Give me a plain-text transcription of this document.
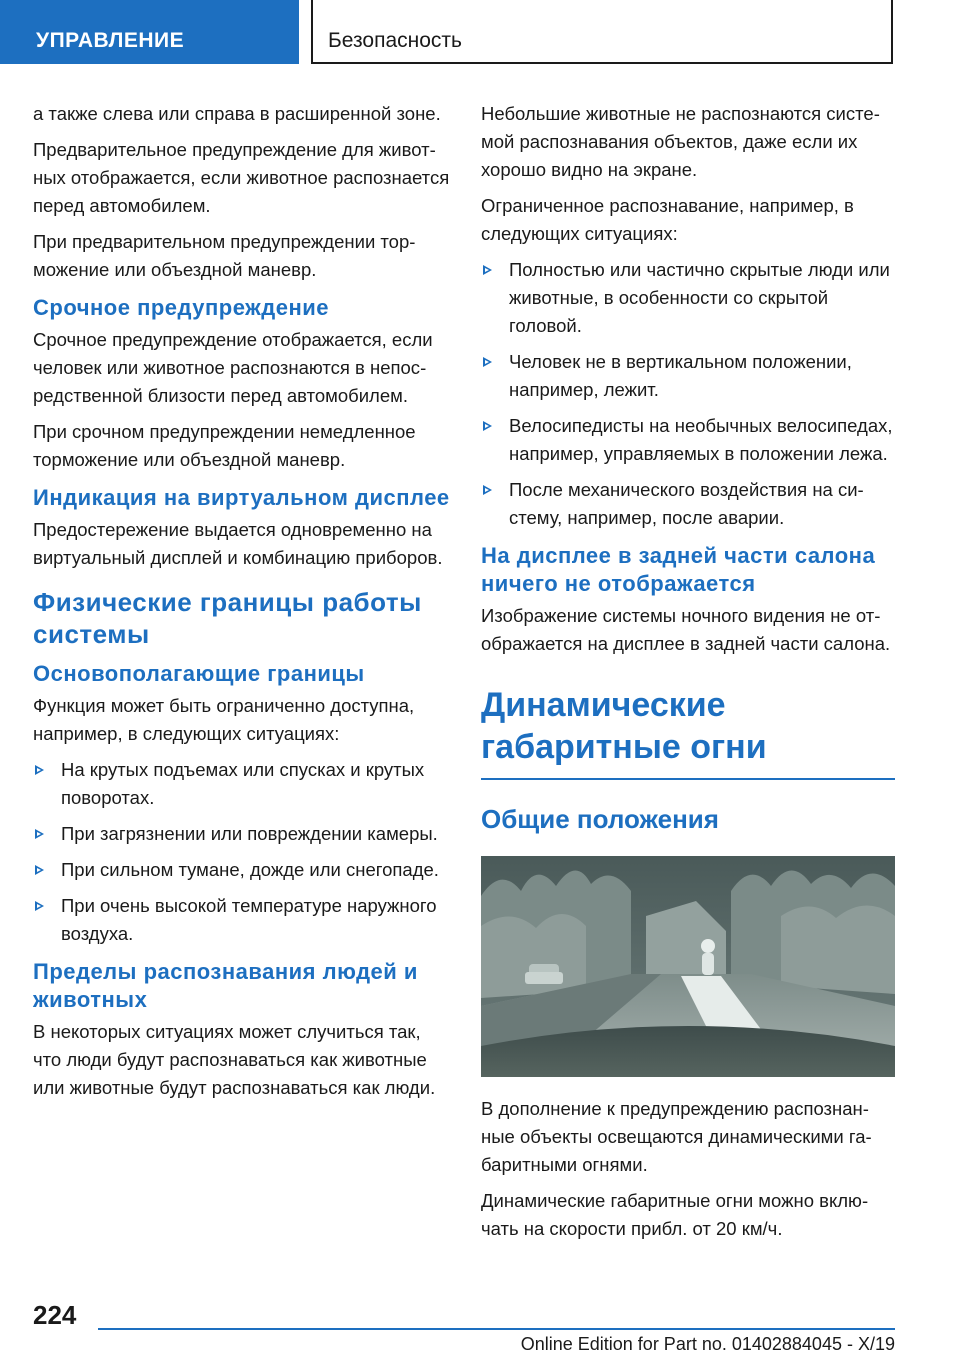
УПРАВЛЕНИЕ	Безопасность

а также слева или справа в расширенной зоне.

Предварительное предупреждение для животных отображается, если животное распознается перед автомобилем.

При предварительном предупреждении торможение или объездной маневр.

Срочное предупреждение

Срочное предупреждение отображается, если человек или животное распознаются в непосредственной близости перед автомобилем.

При срочном предупреждении немедленное торможение или объездной маневр.

Индикация на виртуальном дисплее

Предостережение выдается одновременно на виртуальный дисплей и комбинацию приборов.

Физические границы работы системы
Основополагающие границы

Функция может быть ограниченно доступна, например, в следующих ситуациях:

На крутых подъемах или спусках и крутых поворотах.
При загрязнении или повреждении камеры.
При сильном тумане, дожде или снегопаде.
При очень высокой температуре наружного воздуха.
Пределы распознавания людей и животных

В некоторых ситуациях может случиться так, что люди будут распознаваться как животные или животные будут распознаваться как люди.

Небольшие животные не распознаются системой распознавания объектов, даже если их хорошо видно на экране.

Ограниченное распознавание, например, в следующих ситуациях:

Полностью или частично скрытые люди или животные, в особенности со скрытой головой.
Человек не в вертикальном положении, например, лежит.
Велосипедисты на необычных велосипедах, например, управляемых в положении лежа.
После механического воздействия на систему, например, после аварии.
На дисплее в задней части салона ничего не отображается

Изображение системы ночного видения не отображается на дисплее в задней части салона.

Динамические габаритные огни
Общие положения

В дополнение к предупреждению распознанные объекты освещаются динамическими габаритными огнями.

Динамические габаритные огни можно включать на скорости прибл. от 20 км/ч.

224
Online Edition for Part no. 01402884045 - X/19
